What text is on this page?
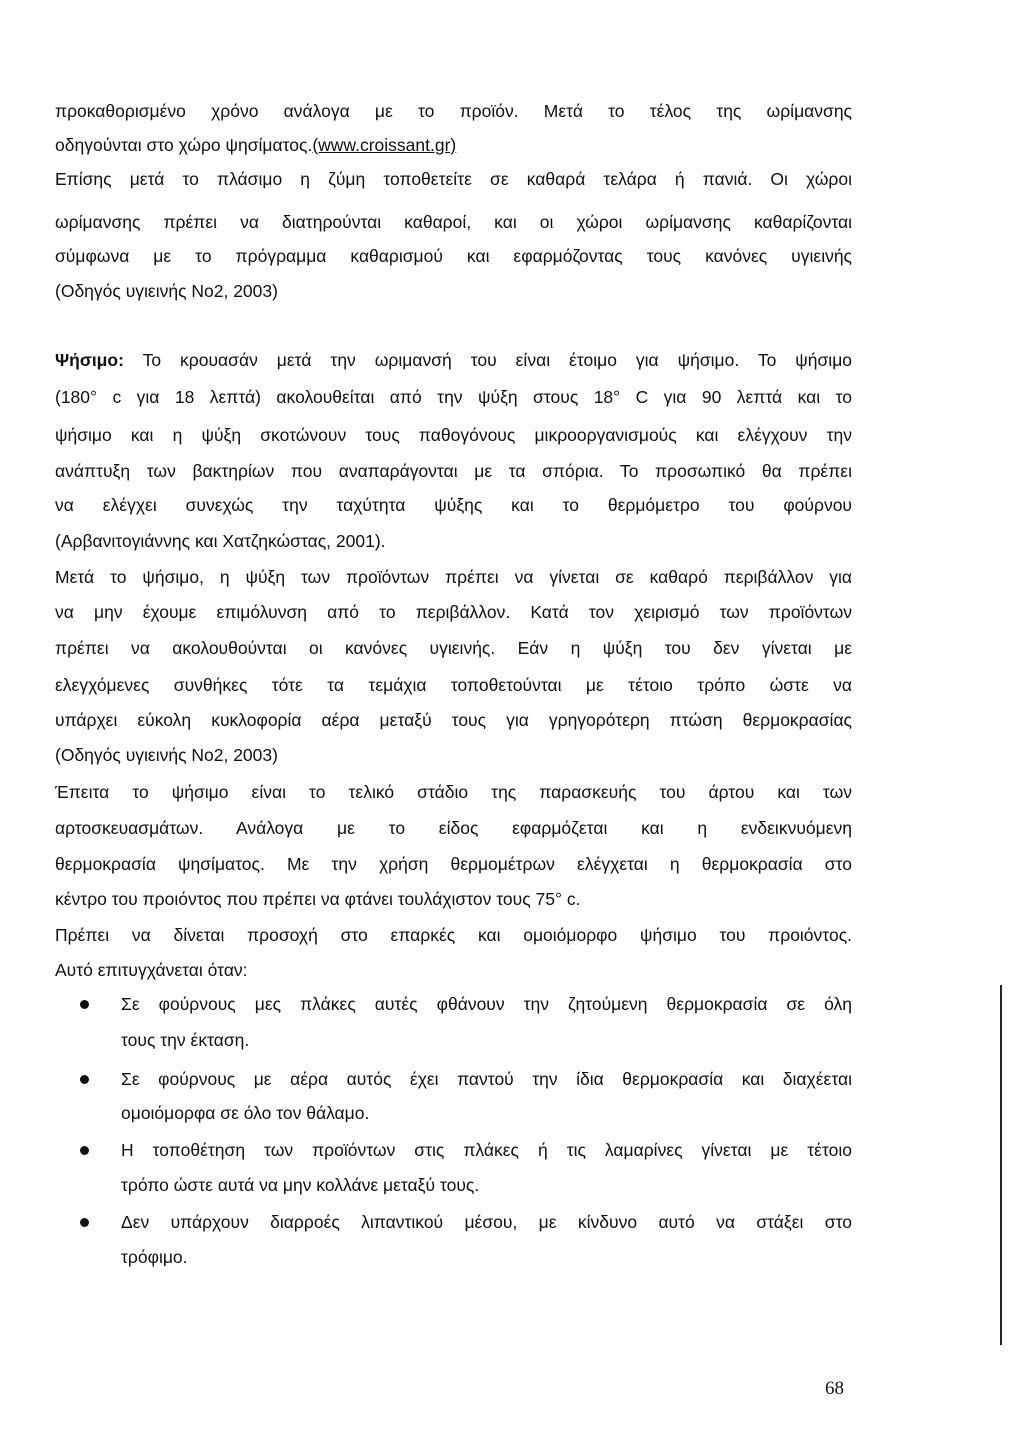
προκαθορισμένο χρόνο ανάλογα με το προϊόν. Μετά το τέλος της ωρίμανσης

οδηγούνται στο χώρο ψησίματος.(www.croissant.gr)

Επίσης μετά το πλάσιμο η ζύμη τοποθετείτε σε καθαρά τελάρα ή πανιά. Οι χώροι

ωρίμανσης πρέπει να διατηρούνται καθαροί, και οι χώροι ωρίμανσης καθαρίζονται

σύμφωνα με το πρόγραμμα καθαρισμού και εφαρμόζοντας τους κανόνες υγιεινής

(Οδηγός υγιεινής Νο2, 2003)

Ψήσιμο: Το κρουασάν μετά την ωριμανσή του είναι έτοιμο για ψήσιμο. Το ψήσιμο

(180° c για 18 λεπτά) ακολουθείται από την ψύξη στους 18° C για 90 λεπτά και το

ψήσιμο και η ψύξη σκοτώνουν τους παθογόνους μικροοργανισμούς και ελέγχουν την

ανάπτυξη των βακτηρίων που αναπαράγονται με τα σπόρια. Το προσωπικό θα πρέπει

να ελέγχει συνεχώς την ταχύτητα ψύξης και το θερμόμετρο του φούρνου

(Αρβανιτογιάννης και Χατζηκώστας, 2001).

Μετά το ψήσιμο, η ψύξη των προϊόντων πρέπει να γίνεται σε καθαρό περιβάλλον για

να μην έχουμε επιμόλυνση από το περιβάλλον. Κατά τον χειρισμό των προϊόντων

πρέπει να ακολουθούνται οι κανόνες υγιεινής. Εάν η ψύξη του δεν γίνεται με

ελεγχόμενες συνθήκες τότε τα τεμάχια τοποθετούνται με τέτοιο τρόπο ώστε να

υπάρχει εύκολη κυκλοφορία αέρα μεταξύ τους για γρηγορότερη πτώση θερμοκρασίας

(Οδηγός υγιεινής Νο2, 2003)

Έπειτα το ψήσιμο είναι το τελικό στάδιο της παρασκευής του άρτου και των

αρτοσκευασμάτων. Ανάλογα με το είδος εφαρμόζεται και η ενδεικνυόμενη

θερμοκρασία ψησίματος. Με την χρήση θερμομέτρων ελέγχεται η θερμοκρασία στο

κέντρο του προιόντος που πρέπει να φτάνει τουλάχιστον τους 75° c.

Πρέπει να δίνεται προσοχή στο επαρκές και ομοιόμορφο ψήσιμο του προιόντος.

Αυτό επιτυγχάνεται όταν:

Σε φούρνους μες πλάκες αυτές φθάνουν την ζητούμενη θερμοκρασία σε όλη

τους την έκταση.

Σε φούρνους με αέρα αυτός έχει παντού την ίδια θερμοκρασία και διαχέεται

ομοιόμορφα σε όλο τον θάλαμο.

Η τοποθέτηση των προϊόντων στις πλάκες ή τις λαμαρίνες γίνεται με τέτοιο

τρόπο ώστε αυτά να μην κολλάνε μεταξύ τους.

Δεν υπάρχουν διαρροές λιπαντικού μέσου, με κίνδυνο αυτό να στάξει στο

τρόφιμο.

68
